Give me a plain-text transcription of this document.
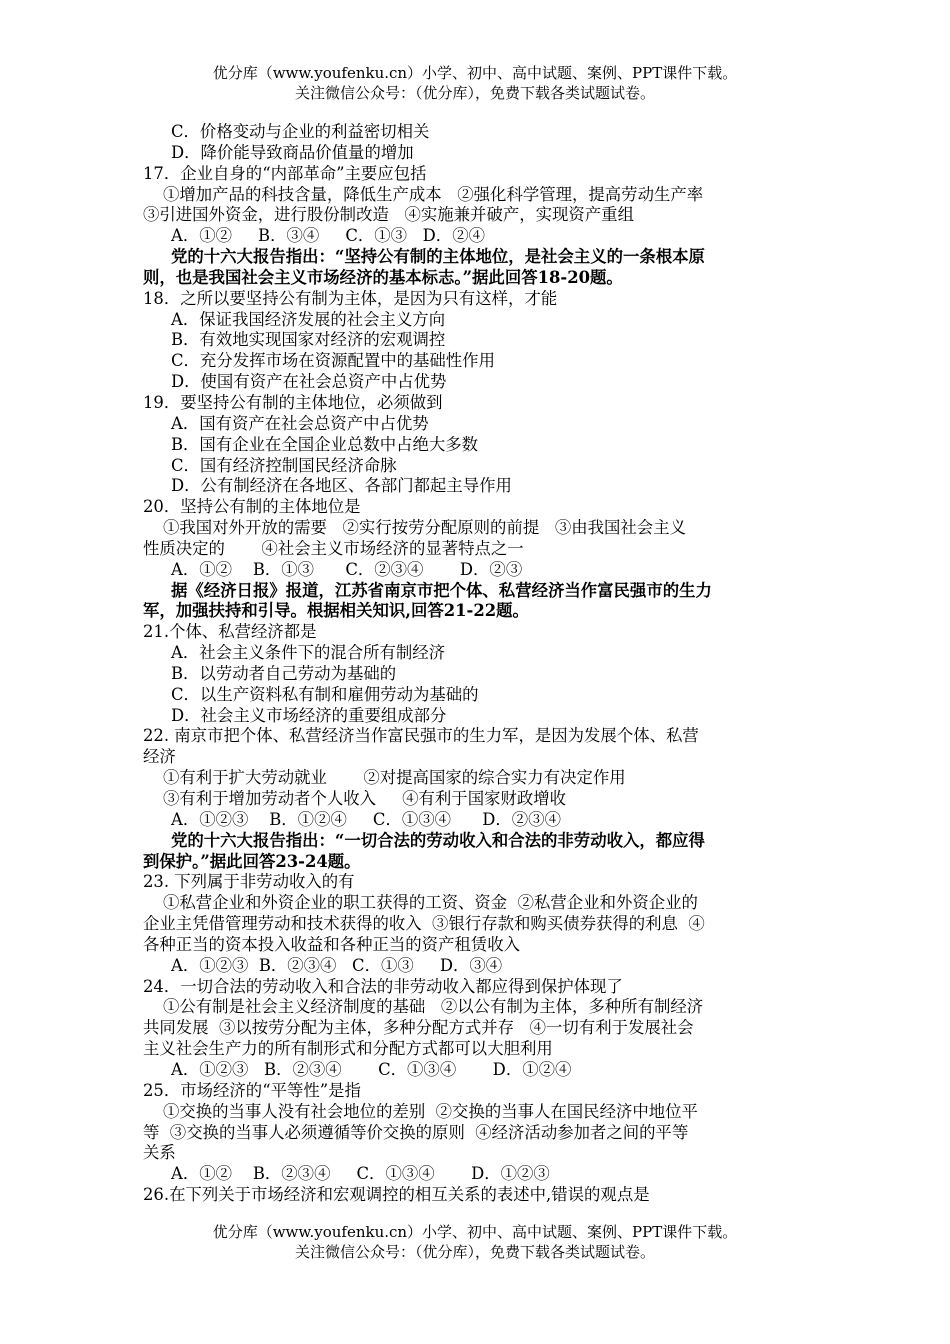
优分库（www.youfenku.cn）小学、初中、高中试题、案例、PPT课件下载。
关注微信公众号：（优分库），免费下载各类试题试卷。
C．价格变动与企业的利益密切相关
D．降价能导致商品价值量的增加
17．企业自身的“内部革命”主要应包括
①增加产品的科技含量，降低生产成本   ②强化科学管理，提高劳动生产率
③引进国外资金，进行股份制改造   ④实施兼并破产，实现资产重组
A．①②     B．③④     C．①③   D．②④
党的十六大报告指出：“坚持公有制的主体地位，是社会主义的一条根本原
则，也是我国社会主义市场经济的基本标志。”据此回答18-20题。
18．之所以要坚持公有制为主体，是因为只有这样，才能
A．保证我国经济发展的社会主义方向
B．有效地实现国家对经济的宏观调控
C．充分发挥市场在资源配置中的基础性作用
D．使国有资产在社会总资产中占优势
19．要坚持公有制的主体地位，必须做到
A．国有资产在社会总资产中占优势
B．国有企业在全国企业总数中占绝大多数
C．国有经济控制国民经济命脉
D．公有制经济在各地区、各部门都起主导作用
20．坚持公有制的主体地位是
①我国对外开放的需要   ②实行按劳分配原则的前提   ③由我国社会主义
性质决定的       ④社会主义市场经济的显著特点之一
A．①②    B．①③      C．②③④       D．②③
据《经济日报》报道，江苏省南京市把个体、私营经济当作富民强市的生力
军，加强扶持和引导。根据相关知识,回答21-22题。
21.个体、私营经济都是
A．社会主义条件下的混合所有制经济
B．以劳动者自己劳动为基础的
C．以生产资料私有制和雇佣劳动为基础的
D．社会主义市场经济的重要组成部分
22. 南京市把个体、私营经济当作富民强市的生力军，是因为发展个体、私营
经济
①有利于扩大劳动就业       ②对提高国家的综合实力有决定作用
③有利于增加劳动者个人收入     ④有利于国家财政增收
A．①②③    B．①②④     C．①③④      D．②③④
党的十六大报告指出：“一切合法的劳动收入和合法的非劳动收入，都应得
到保护。”据此回答23-24题。
23. 下列属于非劳动收入的有
①私营企业和外资企业的职工获得的工资、资金  ②私营企业和外资企业的
企业主凭借管理劳动和技术获得的收入  ③银行存款和购买债券获得的利息  ④
各种正当的资本投入收益和各种正当的资产租赁收入
A．①②③  B．②③④   C．①③     D．③④
24．一切合法的劳动收入和合法的非劳动收入都应得到保护体现了
①公有制是社会主义经济制度的基础   ②以公有制为主体，多种所有制经济
共同发展  ③以按劳分配为主体，多种分配方式并存   ④一切有利于发展社会
主义社会生产力的所有制形式和分配方式都可以大胆利用
A．①②③   B．②③④       C．①③④       D．①②④
25．市场经济的“平等性”是指
①交换的当事人没有社会地位的差别  ②交换的当事人在国民经济中地位平
等  ③交换的当事人必须遵循等价交换的原则  ④经济活动参加者之间的平等
关系
A．①②    B．②③④     C．①③④       D．①②③
26.在下列关于市场经济和宏观调控的相互关系的表述中,错误的观点是
优分库（www.youfenku.cn）小学、初中、高中试题、案例、PPT课件下载。
关注微信公众号：（优分库），免费下载各类试题试卷。
